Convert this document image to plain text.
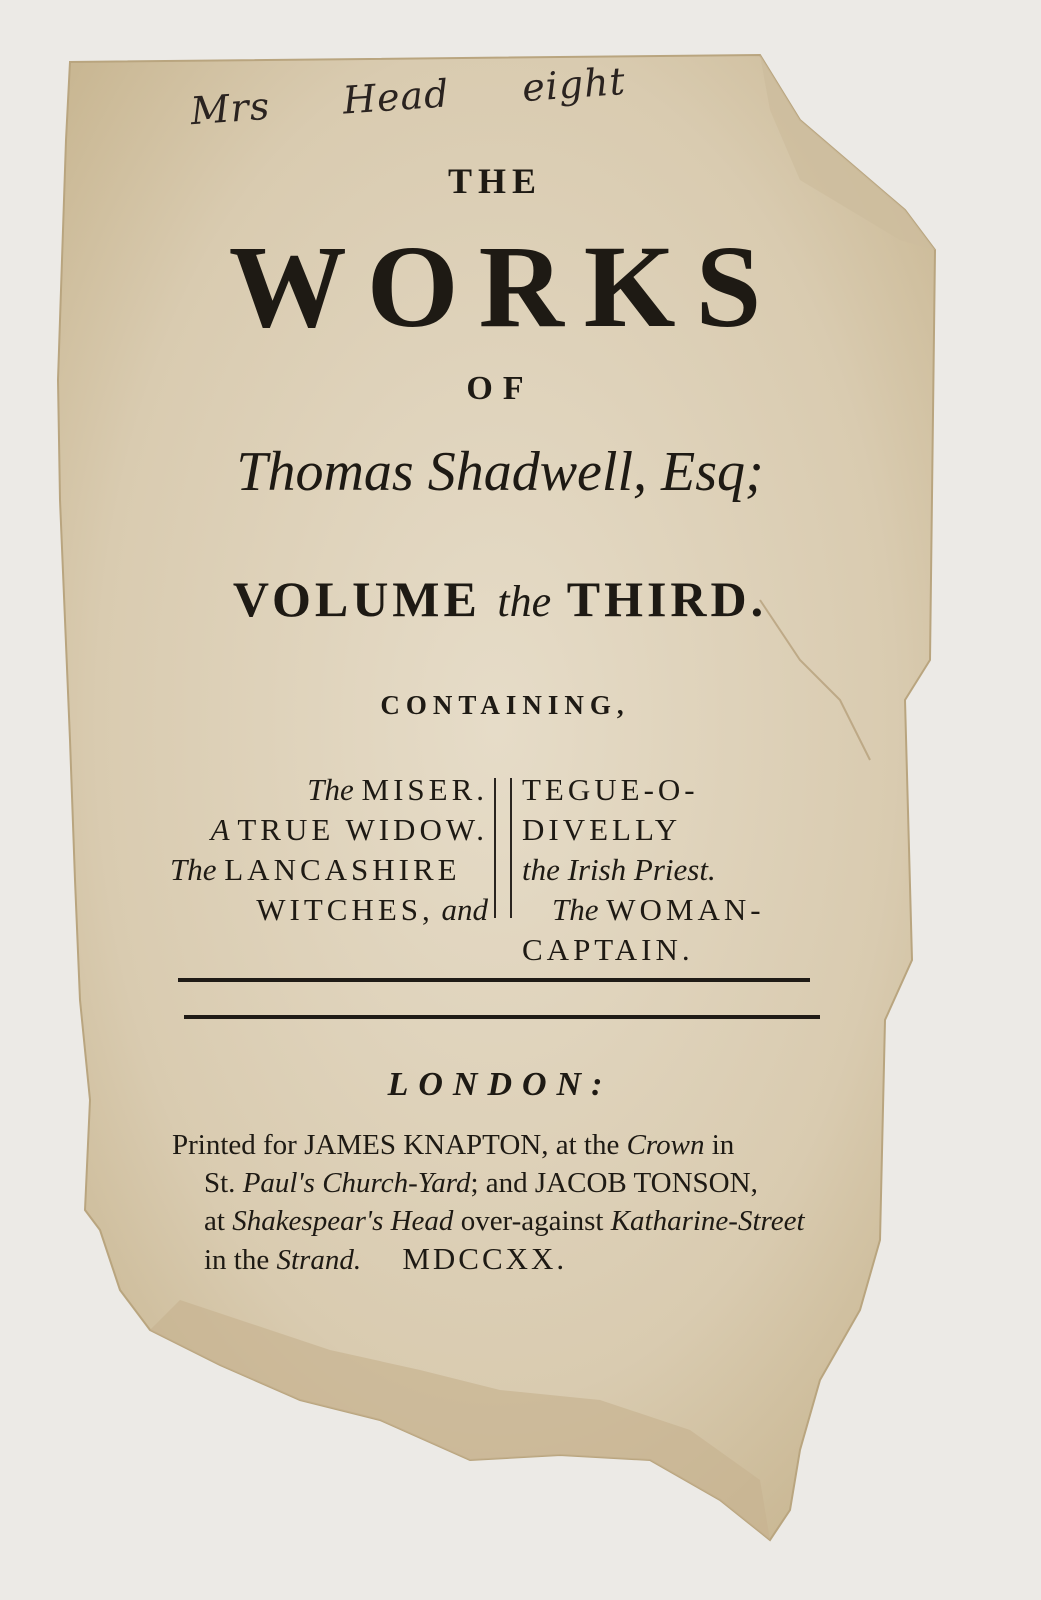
Mrs Head eight
THE
WORKS
OF
Thomas Shadwell, Esq;
VOLUME the THIRD.
CONTAINING,
The MISER.
A TRUE WIDOW.
The LANCASHIRE
WITCHES, and
TEGUE-O-DIVELLY
the Irish Priest.
The WOMAN-
CAPTAIN.
LONDON:
Printed for JAMES KNAPTON, at the Crown in
St. Paul's Church-Yard; and JACOB TONSON,
at Shakespear's Head over-against Katharine-Street
in the Strand. MDCCXX.
